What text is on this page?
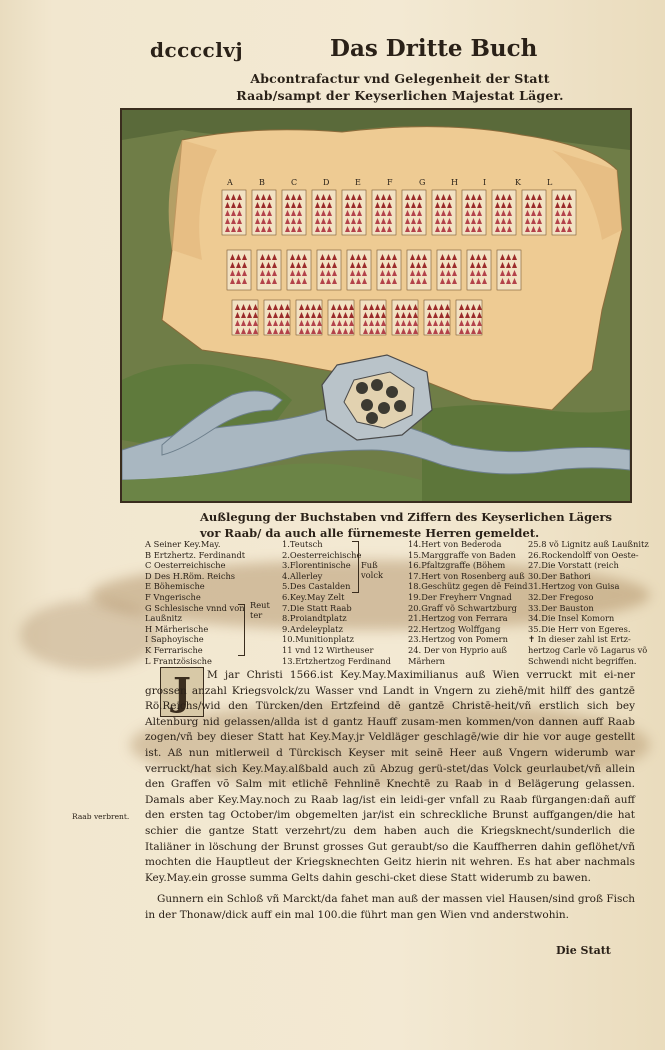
dcccclvj	Das Dritte Buch
Abcontrafactur vnd Gelegenheit der Statt Raab/sampt der Keyserlichen Majestat Läger.
A	B	C	D	E	F	G	H	I	K	L
Außlegung der Buchstaben vnd Ziffern des Keyserlichen Lägers vor Raab/ da auch alle fürnemeste Herren gemeldet.
A Seiner Key.May.
B Ertzhertz. Ferdinandt
C Oesterreichische
D Des H.Röm. Reichs
E Böhemische
F Vngerische
G Schlesische vnnd von
Laußnitz
H Märherische
I Saphoyische
K Ferrarische
L Frantzösische
Reut ter
1.Teutsch
2.Oesterreichische
3.Florentinische
4.Allerley
5.Des Castalden
6.Key.May Zelt
7.Die Statt Raab
8.Proiandtplatz
9.Ardeleyplatz
10.Munitionplatz
11 vnd 12 Wirtheuser
13.Ertzhertzog Ferdinand
Fuß volck
14.Hert von Bederoda
15.Marggraffe von Baden
16.Pfaltzgraffe (Böhem
17.Hert von Rosenberg auß
18.Geschütz gegen dē Feind
19.Der Freyherr Vngnad
20.Graff võ Schwartzburg
21.Hertzog von Ferrara
22.Hertzog Wolffgang
23.Hertzog von Pomern
24. Der von Hyprio auß
Märhern
25.8 võ Lignitz auß Laußnitz
26.Rockendolff von Oeste-
27.Die Vorstatt (reich
30.Der Bathori
31.Hertzog von Guisa
32.Der Fregoso
33.Der Bauston
34.Die Insel Komorn
35.Die Herr von Egeres.
✝ In dieser zahl ist Ertz-
hertzog Carle võ Lagarus võ
Schwendi nicht begriffen.
J	M jar Christi 1566.ist Key.May.Maximilianus auß Wien verruckt mit ei-ner grossen anzahl Kriegsvolck/zu Wasser vnd Landt in Vngern zu ziehē/mit hilff des gantzē Rö.Reichs/wid den Türcken/den Ertzfeind dē gantzē Christē-heit/vñ erstlich sich bey Altenburg nid gelassen/allda ist d gantz Hauff zusam-men kommen/von dannen auff Raab zogen/vñ bey dieser Statt hat Key.May.jr Veldläger geschlagē/wie dir hie vor auge gestellt ist. Aß nun mitlerweil d Türckisch Keyser mit seinē Heer auß Vngern widerumb war verruckt/hat sich Key.May.alßbald auch zū Abzug gerü-stet/das Volck geurlaubet/vñ allein den Graffen võ Salm mit etlichē Fehnlinē Knechtē zu Raab in d Belägerung gelassen. Damals aber Key.May.noch zu Raab lag/ist ein leidi-ger vnfall zu Raab fürgangen:dañ auff den ersten tag October/im obgemelten jar/ist ein schreckliche Brunst auffgangen/die hat schier die gantze Statt verzehrt/zu dem haben auch die Kriegsknecht/sunderlich die Italiäner in löschung der Brunst grosses Gut geraubt/so die Kauffherren dahin geflöhet/vñ mochten die Hauptleut der Kriegsknechten Geitz hierin nit wehren. Es hat aber nachmals Key.May.ein grosse summa Gelts dahin geschi-cket diese Statt widerumb zu bawen.

Gunnern ein Schloß vñ Marckt/da fahet man auß der massen viel Hausen/sind groß Fisch in der Thonaw/dick auff ein mal 100.die führt man gen Wien vnd anderstwohin.

Raab verbrent.
Die Statt
